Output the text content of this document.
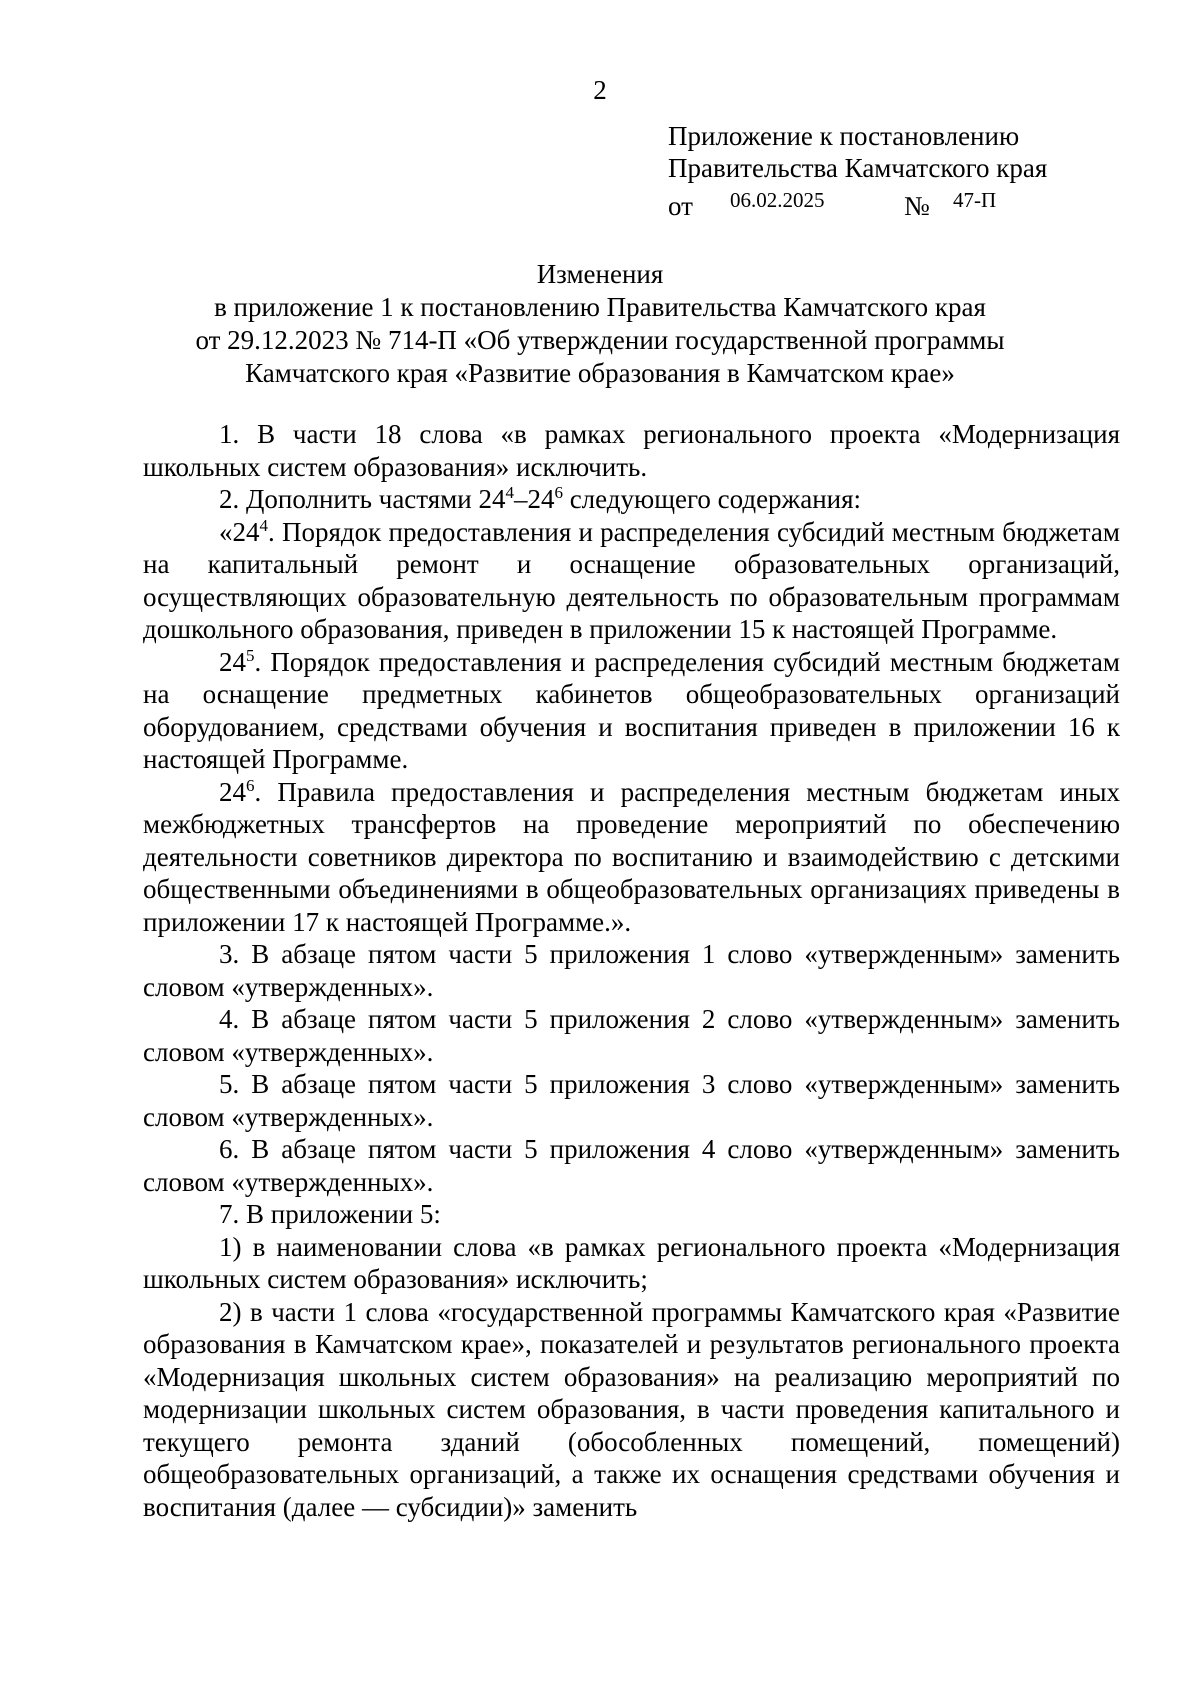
2
Приложение к постановлению
Правительства Камчатского края
от 06.02.2025	№ 47-П
Изменения
в приложение 1 к постановлению Правительства Камчатского края
от 29.12.2023 № 714-П «Об утверждении государственной программы
Камчатского края «Развитие образования в Камчатском крае»

1. В части 18 слова «в рамках регионального проекта «Модернизация школьных систем образования» исключить.

2. Дополнить частями $24^4-24^6$ следующего содержания:

«$24^4$. Порядок предоставления и распределения субсидий местным бюджетам на капитальный ремонт и оснащение образовательных организаций, осуществляющих образовательную деятельность по образовательным программам дошкольного образования, приведен в приложении 15 к настоящей Программе.

$24^5$. Порядок предоставления и распределения субсидий местным бюджетам на оснащение предметных кабинетов общеобразовательных организаций оборудованием, средствами обучения и воспитания приведен в приложении 16 к настоящей Программе.

$24^6$. Правила предоставления и распределения местным бюджетам иных межбюджетных трансфертов на проведение мероприятий по обеспечению деятельности советников директора по воспитанию и взаимодействию с детскими общественными объединениями в общеобразовательных организациях приведены в приложении 17 к настоящей Программе.».

3. В абзаце пятом части 5 приложения 1 слово «утвержденным» заменить словом «утвержденных».

4. В абзаце пятом части 5 приложения 2 слово «утвержденным» заменить словом «утвержденных».

5. В абзаце пятом части 5 приложения 3 слово «утвержденным» заменить словом «утвержденных».

6. В абзаце пятом части 5 приложения 4 слово «утвержденным» заменить словом «утвержденных».

7. В приложении 5:

1) в наименовании слова «в рамках регионального проекта «Модернизация школьных систем образования» исключить;

2) в части 1 слова «государственной программы Камчатского края «Развитие образования в Камчатском крае», показателей и результатов регионального проекта «Модернизация школьных систем образования» на реализацию мероприятий по модернизации школьных систем образования, в части проведения капитального и текущего ремонта зданий (обособленных помещений, помещений) общеобразовательных организаций, а также их оснащения средствами обучения и воспитания (далее — субсидии)» заменить
